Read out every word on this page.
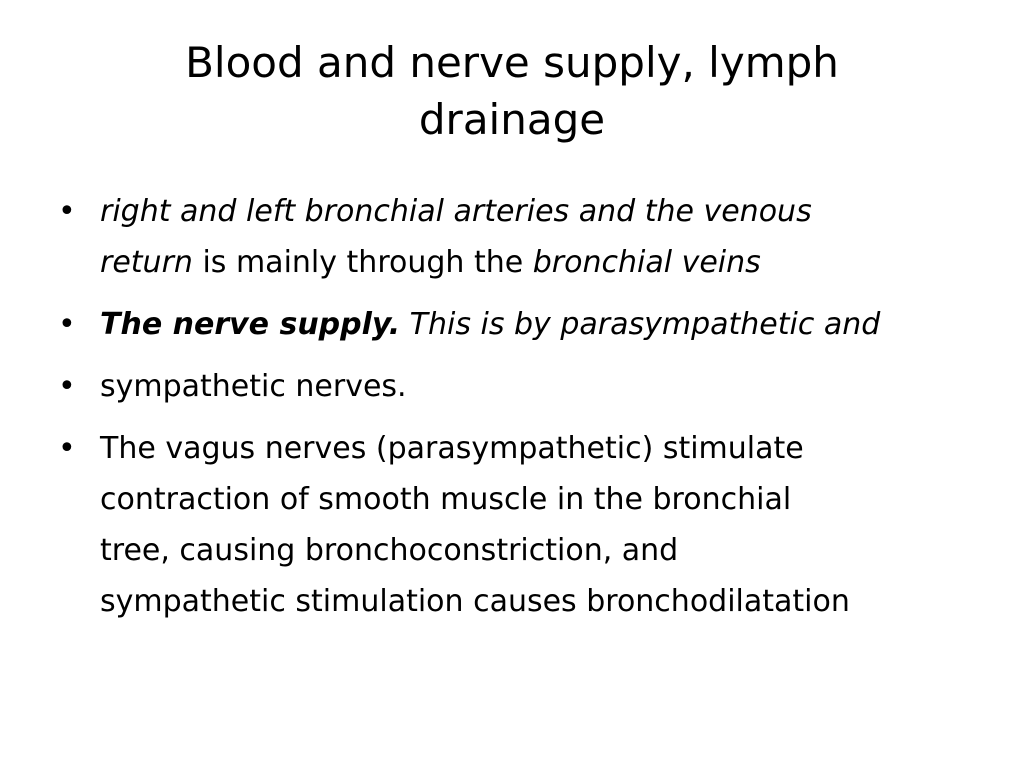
Blood and nerve supply, lymph
drainage
• right and left bronchial arteries and the venous
return is mainly through the bronchial veins
• The nerve supply. This is by parasympathetic and
• sympathetic nerves.
• The vagus nerves (parasympathetic) stimulate
contraction of smooth muscle in the bronchial
tree, causing bronchoconstriction, and
sympathetic stimulation causes bronchodilatation
